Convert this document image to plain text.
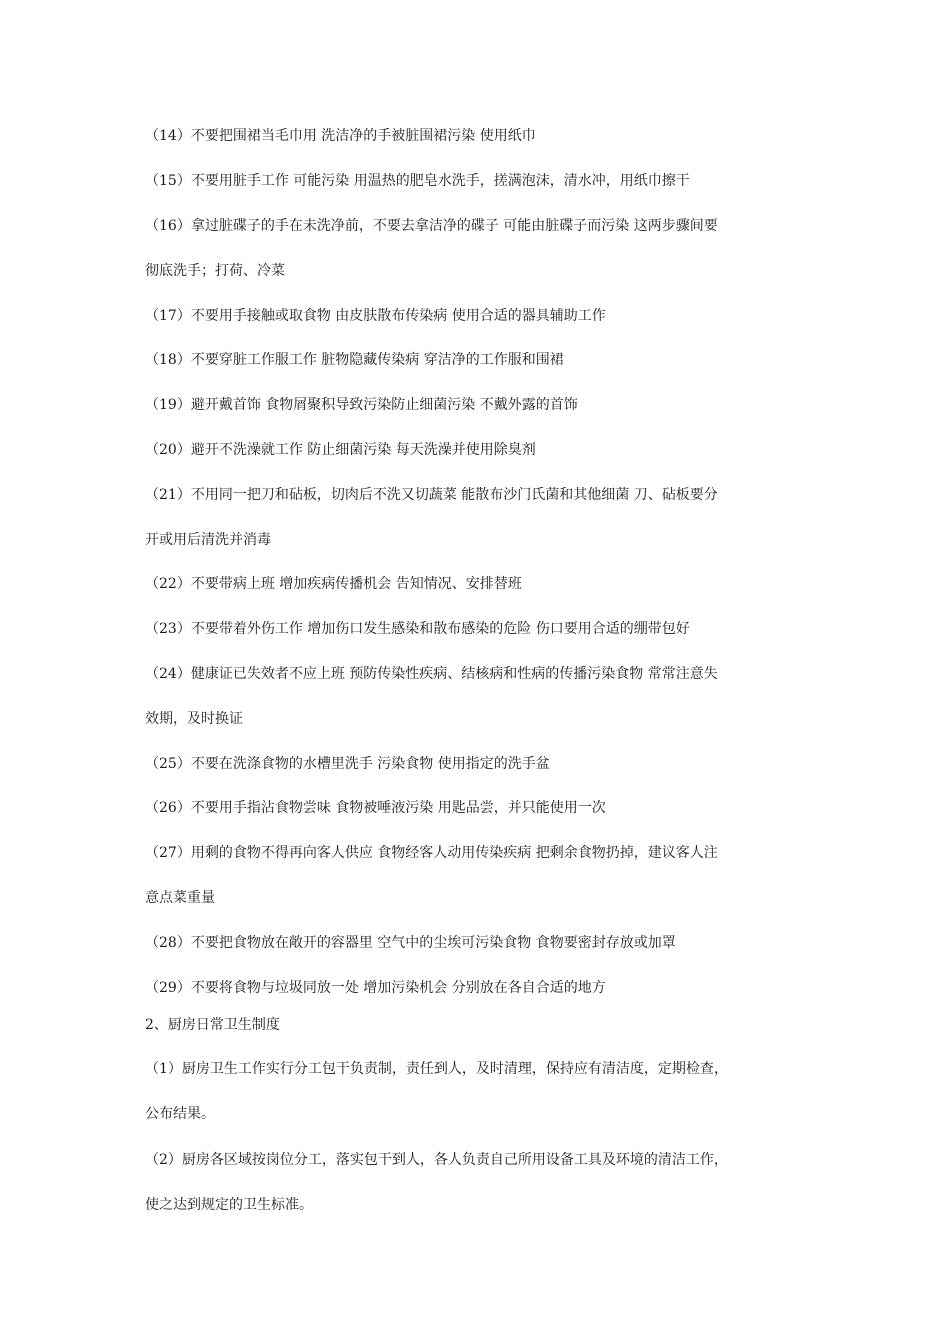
（14）不要把围裙当毛巾用 洗洁净的手被脏围裙污染 使用纸巾

（15）不要用脏手工作 可能污染 用温热的肥皂水洗手，搓满泡沫，清水冲，用纸巾擦干

（16）拿过脏碟子的手在未洗净前，不要去拿洁净的碟子 可能由脏碟子而污染 这两步骤间要

彻底洗手；打荷、冷菜

（17）不要用手接触或取食物 由皮肤散布传染病 使用合适的器具辅助工作

（18）不要穿脏工作服工作 脏物隐藏传染病 穿洁净的工作服和围裙

（19）避开戴首饰 食物屑聚积导致污染防止细菌污染 不戴外露的首饰

（20）避开不洗澡就工作 防止细菌污染 每天洗澡并使用除臭剂

（21）不用同一把刀和砧板，切肉后不洗又切蔬菜 能散布沙门氏菌和其他细菌 刀、砧板要分

开或用后清洗并消毒

（22）不要带病上班 增加疾病传播机会 告知情况、安排替班

（23）不要带着外伤工作 增加伤口发生感染和散布感染的危险 伤口要用合适的绷带包好

（24）健康证已失效者不应上班 预防传染性疾病、结核病和性病的传播污染食物 常常注意失

效期，及时换证

（25）不要在洗涤食物的水槽里洗手 污染食物 使用指定的洗手盆

（26）不要用手指沾食物尝味 食物被唾液污染 用匙品尝，并只能使用一次

（27）用剩的食物不得再向客人供应 食物经客人动用传染疾病 把剩余食物扔掉，建议客人注

意点菜重量

（28）不要把食物放在敞开的容器里 空气中的尘埃可污染食物 食物要密封存放或加罩

（29）不要将食物与垃圾同放一处 增加污染机会 分别放在各自合适的地方

2、厨房日常卫生制度

（1）厨房卫生工作实行分工包干负责制，责任到人，及时清理，保持应有清洁度，定期检查，

公布结果。

（2）厨房各区域按岗位分工，落实包干到人，各人负责自己所用设备工具及环境的清洁工作，

使之达到规定的卫生标准。
